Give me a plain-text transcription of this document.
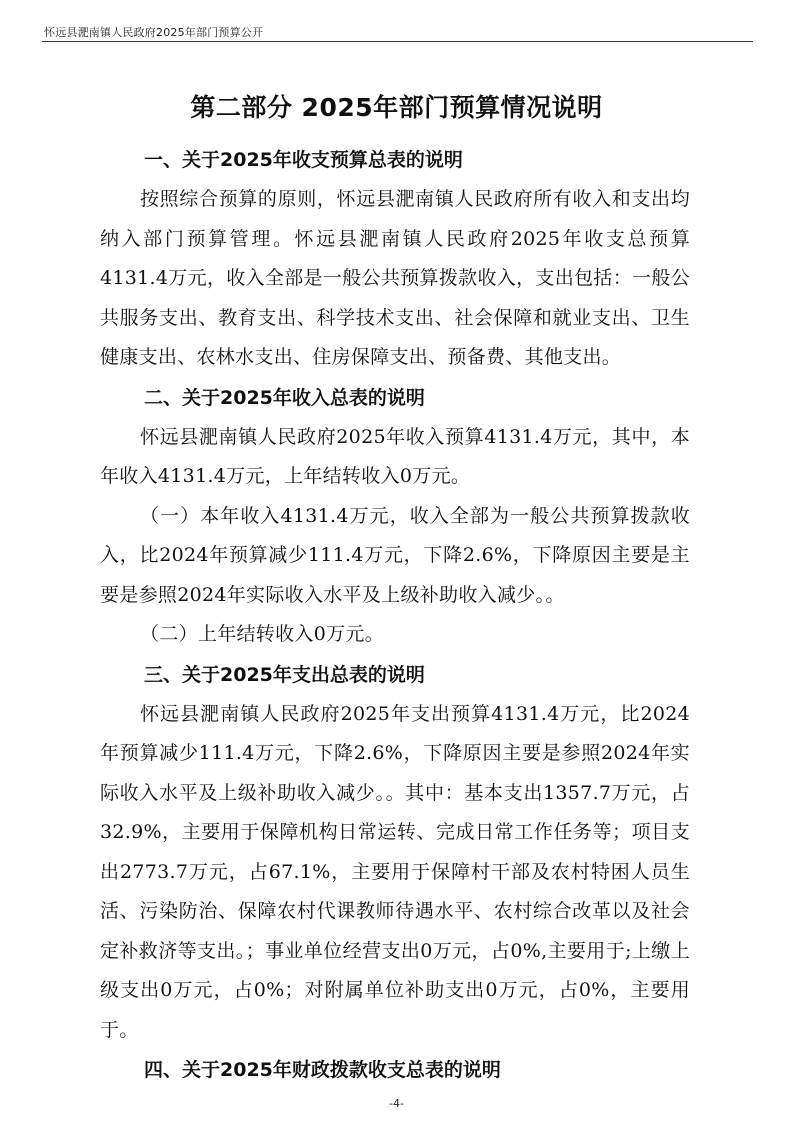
怀远县淝南镇人民政府2025年部门预算公开
第二部分 2025年部门预算情况说明
一、关于2025年收支预算总表的说明

按照综合预算的原则，怀远县淝南镇人民政府所有收入和支出均纳入部门预算管理。怀远县淝南镇人民政府2025年收支总预算4131.4万元，收入全部是一般公共预算拨款收入，支出包括：一般公共服务支出、教育支出、科学技术支出、社会保障和就业支出、卫生健康支出、农林水支出、住房保障支出、预备费、其他支出。

二、关于2025年收入总表的说明

怀远县淝南镇人民政府2025年收入预算4131.4万元，其中，本年收入4131.4万元，上年结转收入0万元。

（一）本年收入4131.4万元，收入全部为一般公共预算拨款收入，比2024年预算减少111.4万元，下降2.6%，下降原因主要是主要是参照2024年实际收入水平及上级补助收入减少。。

（二）上年结转收入0万元。

三、关于2025年支出总表的说明

怀远县淝南镇人民政府2025年支出预算4131.4万元，比2024年预算减少111.4万元，下降2.6%，下降原因主要是参照2024年实际收入水平及上级补助收入减少。。其中：基本支出1357.7万元，占32.9%，主要用于保障机构日常运转、完成日常工作任务等；项目支出2773.7万元，占67.1%，主要用于保障村干部及农村特困人员生活、污染防治、保障农村代课教师待遇水平、农村综合改革以及社会定补救济等支出。；事业单位经营支出0万元，占0%,主要用于;上缴上级支出0万元，占0%；对附属单位补助支出0万元，占0%，主要用于。

四、关于2025年财政拨款收支总表的说明
-4-
